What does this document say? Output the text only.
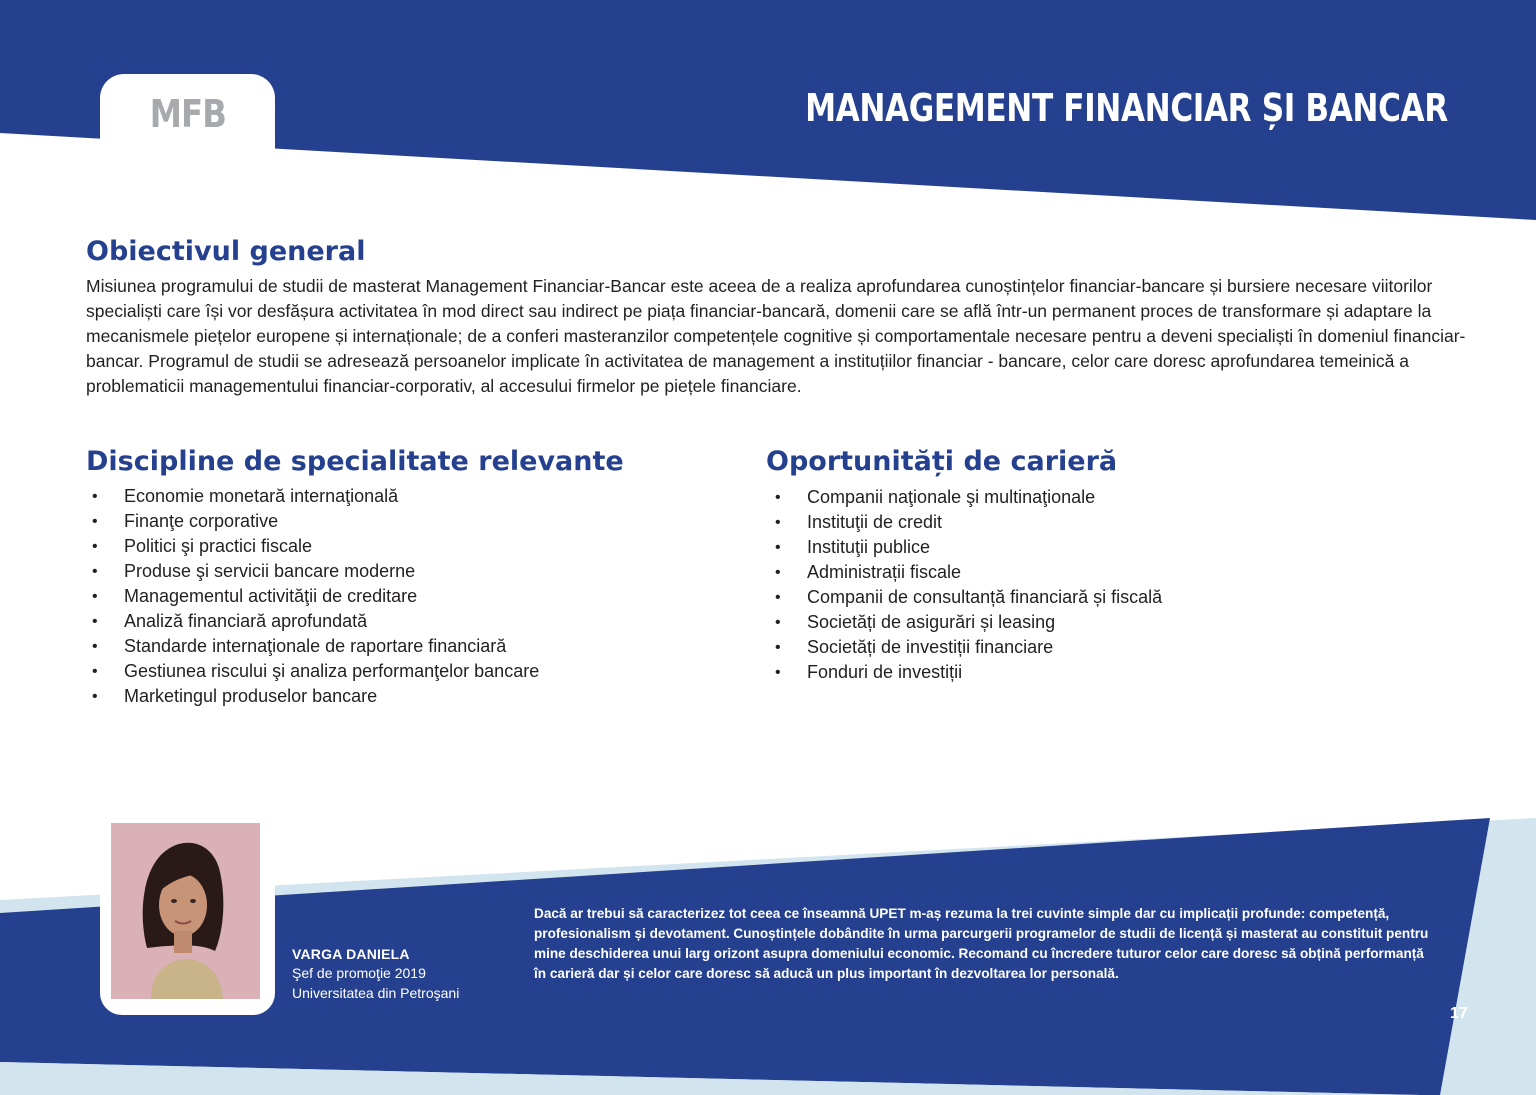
MFB	MANAGEMENT FINANCIAR ȘI BANCAR
Obiectivul general

Misiunea programului de studii de masterat Management Financiar-Bancar este aceea de a realiza aprofundarea cunoștințelor financiar-bancare și bursiere necesare viitorilor specialiști care își vor desfășura activitatea în mod direct sau indirect pe piața financiar-bancară, domenii care se află într-un permanent proces de transformare și adaptare la mecanismele piețelor europene și internaționale; de a conferi masteranzilor competențele cognitive și comportamentale necesare pentru a deveni specialiști în domeniul financiar-bancar. Programul de studii se adresează persoanelor implicate în activitatea de management a instituțiilor financiar - bancare, celor care doresc aprofundarea temeinică a problematicii managementului financiar-corporativ, al accesului firmelor pe piețele financiare.

Discipline de specialitate relevante
• Economie monetară internaţională
• Finanţe corporative
• Politici şi practici fiscale
• Produse şi servicii bancare moderne
• Managementul activităţii de creditare
• Analiză financiară aprofundată
• Standarde internaţionale de raportare financiară
• Gestiunea riscului şi analiza performanţelor bancare
• Marketingul produselor bancare
Oportunități de carieră
• Companii naţionale şi multinaţionale
• Instituţii de credit
• Instituţii publice
• Administrații fiscale
• Companii de consultanță financiară și fiscală
• Societăți de asigurări și leasing
• Societăți de investiții financiare
• Fonduri de investiții
VARGA DANIELA
Şef de promoţie 2019
Universitatea din Petroşani

Dacă ar trebui să caracterizez tot ceea ce înseamnă UPET m-aș rezuma la trei cuvinte simple dar cu implicații profunde: competență, profesionalism și devotament. Cunoștințele dobândite în urma parcurgerii programelor de studii de licență și masterat au constituit pentru mine deschiderea unui larg orizont asupra domeniului economic. Recomand cu încredere tuturor celor care doresc să obțină performanță în carieră dar și celor care doresc să aducă un plus important în dezvoltarea lor personală.

17
